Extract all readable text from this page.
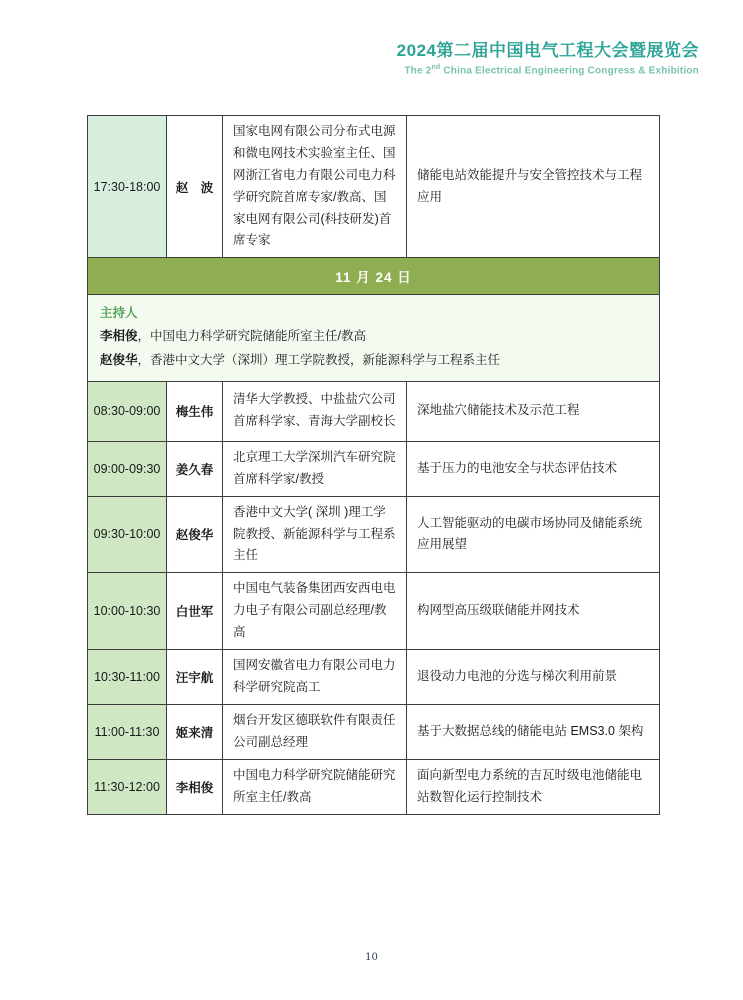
2024第二届中国电气工程大会暨展览会
The 2nd China Electrical Engineering Congress & Exhibition
17:30-18:00	赵　波	国家电网有限公司分布式电源和微电网技术实验室主任、国网浙江省电力有限公司电力科学研究院首席专家/教高、国家电网有限公司(科技研发)首席专家	储能电站效能提升与安全管控技术与工程应用
11 月 24 日			

主持人
李相俊，中国电力科学研究院储能所室主任/教高
赵俊华，香港中文大学（深圳）理工学院教授，新能源科学与工程系主任			

08:30-09:00	梅生伟	清华大学教授、中盐盐穴公司首席科学家、青海大学副校长	深地盐穴储能技术及示范工程
09:00-09:30	姜久春	北京理工大学深圳汽车研究院首席科学家/教授	基于压力的电池安全与状态评估技术
09:30-10:00	赵俊华	香港中文大学( 深圳 )理工学院教授、新能源科学与工程系主任	人工智能驱动的电碳市场协同及储能系统应用展望
10:00-10:30	白世军	中国电气装备集团西安西电电力电子有限公司副总经理/教高	构网型高压级联储能并网技术
10:30-11:00	汪宇航	国网安徽省电力有限公司电力科学研究院高工	退役动力电池的分选与梯次利用前景
11:00-11:30	姬来清	烟台开发区德联软件有限责任公司副总经理	基于大数据总线的储能电站 EMS3.0 架构
11:30-12:00	李相俊	中国电力科学研究院储能研究所室主任/教高	面向新型电力系统的吉瓦时级电池储能电站数智化运行控制技术
10
